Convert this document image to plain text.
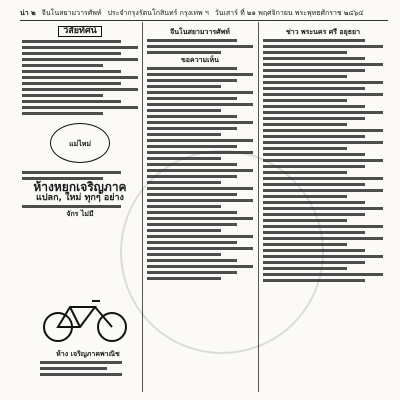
น่า ๒ จีนโนสยามวารศัพท์ ประจำกรุงรัตนโกสินทร์ กรุงเทพ ฯ วันเสาร์ ที่ ๒๑ พฤศจิกายน พระพุทธศักราช ๒๔๖๔
วิสัยทัศน์
แม่ไหม่
ห้างหยกเจริญภาค
แปลก, ใหม่ ทุกๆ อย่าง
จักร ไม่มี
ห้าง เจริญภาคพาณิช
จีนโนสยามวารศัพท์
ขอความเห็น
ช่าว พระนคร ศรี อยุธยา
